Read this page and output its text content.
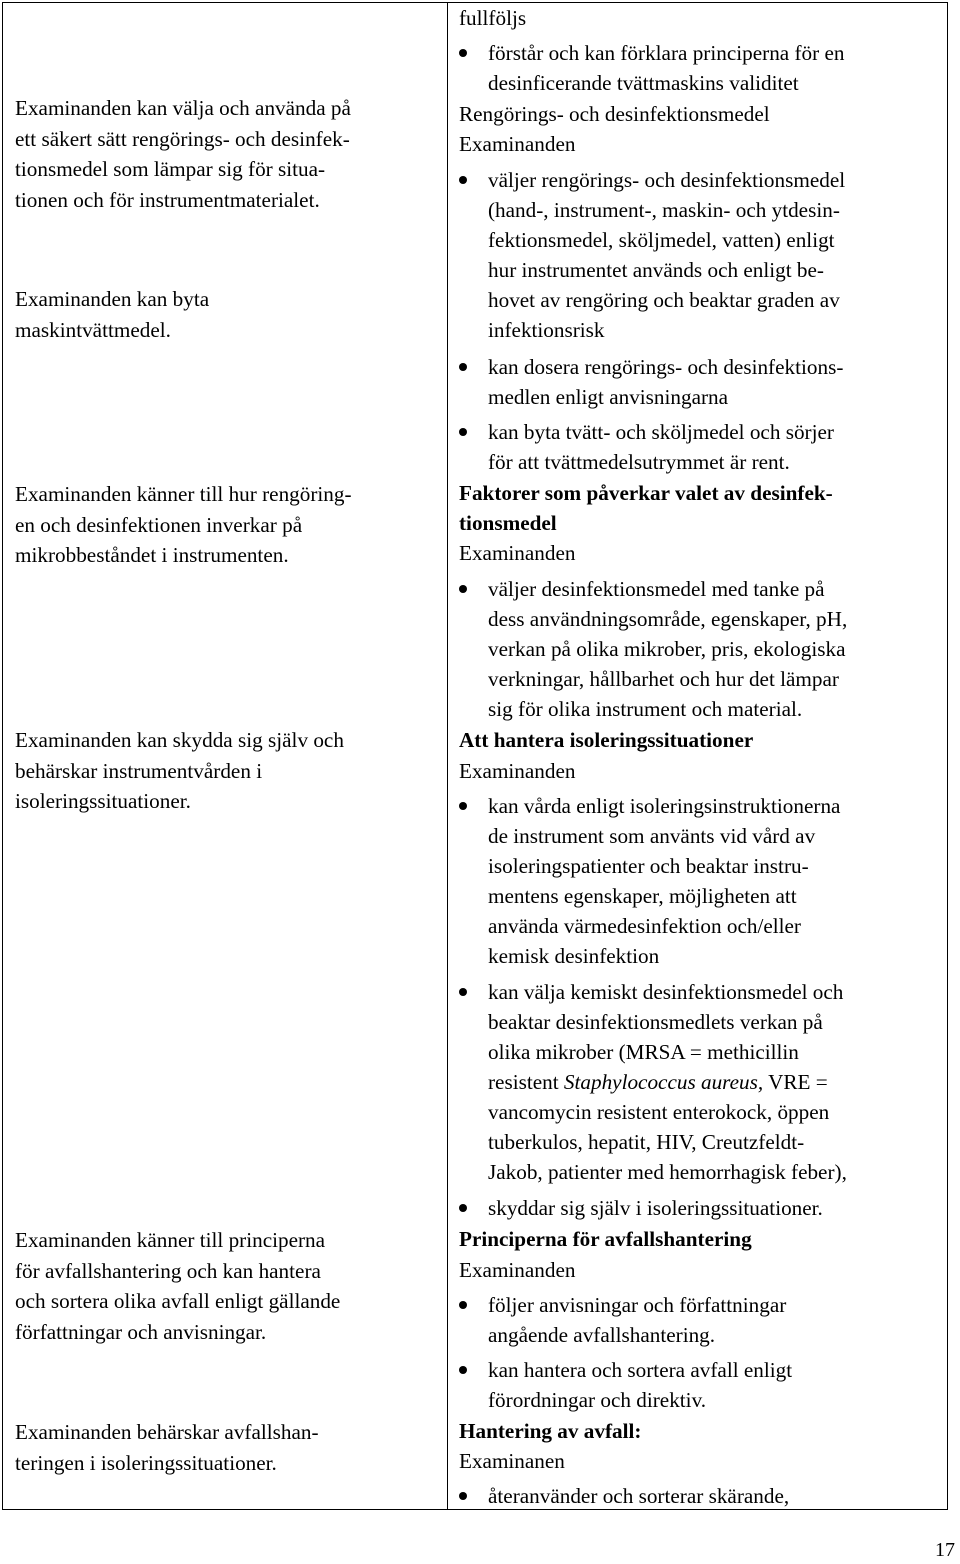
Examinanden kan välja och använda på
ett säkert sätt rengörings- och desinfek-
tionsmedel som lämpar sig för situa-
tionen och för instrumentmaterialet.
Examinanden kan byta
maskintvättmedel.
Examinanden känner till hur rengöring-
en och desinfektionen inverkar på
mikrobbeståndet i instrumenten.
Examinanden kan skydda sig själv och
behärskar instrumentvården i
isoleringssituationer.
Examinanden känner till principerna
för avfallshantering och kan hantera
och sortera olika avfall enligt gällande
författningar och anvisningar.
Examinanden behärskar avfallshan-
teringen i isoleringssituationer.
fullföljs
förstår och kan förklara principerna för en
desinficerande tvättmaskins validitet
Rengörings- och desinfektionsmedel
Examinanden
väljer rengörings- och desinfektionsmedel
(hand-, instrument-, maskin- och ytdesin-
fektionsmedel, sköljmedel, vatten) enligt
hur instrumentet används och enligt be-
hovet av rengöring och beaktar graden av
infektionsrisk
kan dosera rengörings- och desinfektions-
medlen enligt anvisningarna
kan byta tvätt- och sköljmedel och sörjer
för att tvättmedelsutrymmet är rent.
Faktorer som påverkar valet av desinfek-
tionsmedel
Examinanden
väljer desinfektionsmedel med tanke på
dess användningsområde, egenskaper, pH,
verkan på olika mikrober, pris, ekologiska
verkningar, hållbarhet och hur det lämpar
sig för olika instrument och material.
Att hantera isoleringssituationer
Examinanden
kan vårda enligt isoleringsinstruktionerna
de instrument som använts vid vård av
isoleringspatienter och beaktar instru-
mentens egenskaper, möjligheten att
använda värmedesinfektion och/eller
kemisk desinfektion
kan välja kemiskt desinfektionsmedel och
beaktar desinfektionsmedlets verkan på
olika mikrober (MRSA = methicillin
resistent Staphylococcus aureus, VRE =
vancomycin resistent enterokock, öppen
tuberkulos, hepatit, HIV, Creutzfeldt-
Jakob, patienter med hemorrhagisk feber),
skyddar sig själv i isoleringssituationer.
Principerna för avfallshantering
Examinanden
följer anvisningar och författningar
angående avfallshantering.
kan hantera och sortera avfall enligt
förordningar och direktiv.
Hantering av avfall:
Examinanen
återanvänder och sorterar skärande,
17
